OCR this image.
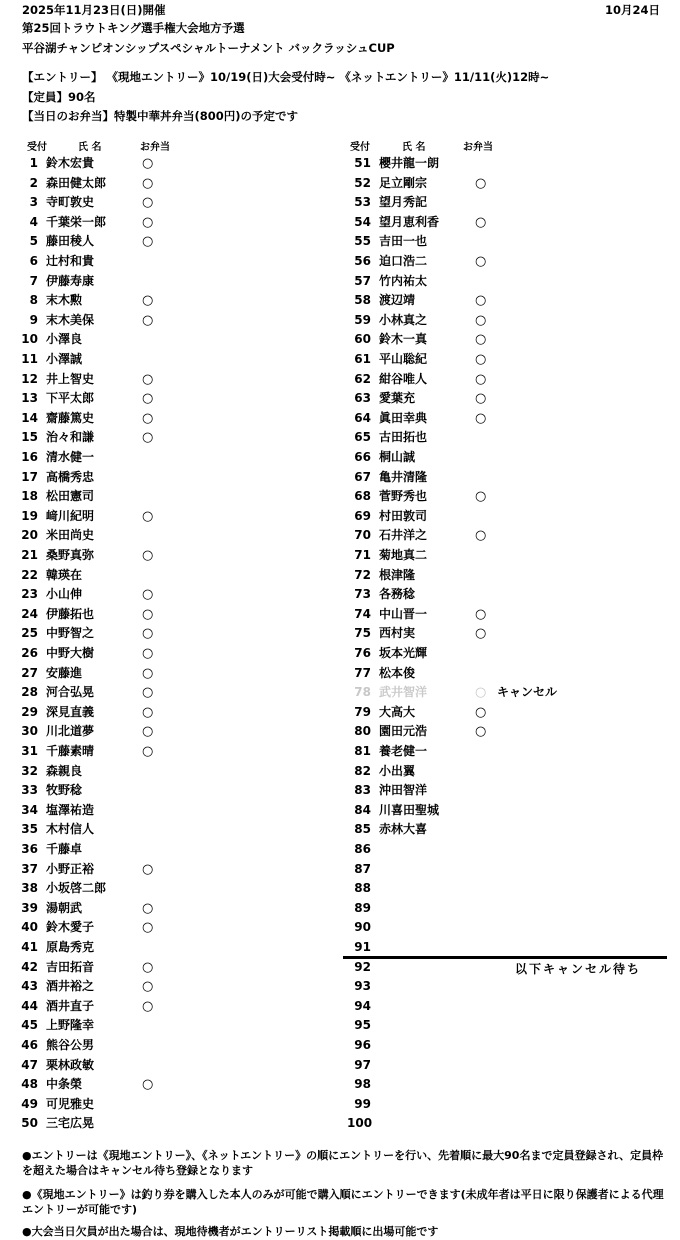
2025年11月23日(日)開催	10月24日
第25回トラウトキング選手権大会地方予選
平谷湖チャンピオンシップスペシャルトーナメント バックラッシュCUP
【エントリー】 《現地エントリー》10/19(日)大会受付時~ 《ネットエントリー》11/11(火)12時~
【定員】90名
【当日のお弁当】特製中華丼弁当(800円)の予定です
受付	氏 名	お弁当	受付	氏 名	お弁当
1 鈴木宏貴	○
2 森田健太郎	○
3 寺町敦史	○
4 千葉栄一郎	○
5 藤田稜人	○
6 辻村和貴
7 伊藤寿康
8 末木勲	○
9 末木美保	○
10 小澤良
11 小澤誠
12 井上智史	○
13 下平太郎	○
14 齋藤篤史	○
15 治々和謙	○
16 清水健一
17 高橋秀忠
18 松田憲司
19 﨑川紀明	○
20 米田尚史
21 桑野真弥	○
22 韓瑛在
23 小山伸	○
24 伊藤拓也	○
25 中野智之	○
26 中野大樹	○
27 安藤進	○
28 河合弘晃	○
29 深見直義	○
30 川北道夢	○
31 千藤素晴	○
32 森親良
33 牧野稔
34 塩澤祐造
35 木村信人
36 千藤卓
37 小野正裕	○
38 小坂啓二郎
39 湯朝武	○
40 鈴木愛子	○
41 原島秀克
42 吉田拓音	○
43 酒井裕之	○
44 酒井直子	○
45 上野隆幸
46 熊谷公男
47 栗林政敏
48 中条榮	○
49 可児雅史
50 三宅広晃
51 櫻井龍一朗
52 足立剛宗	○
53 望月秀記
54 望月恵利香	○
55 吉田一也
56 迫口浩二	○
57 竹内祐太
58 渡辺靖	○
59 小林真之	○
60 鈴木一真	○
61 平山聡紀	○
62 紺谷唯人	○
63 愛葉充	○
64 眞田幸典	○
65 古田拓也
66 桐山誠
67 亀井清隆
68 菅野秀也	○
69 村田敦司
70 石井洋之	○
71 菊地真二
72 根津隆
73 各務稔
74 中山晋一	○
75 西村実	○
76 坂本光輝
77 松本俊
78 武井智洋	○ キャンセル
79 大高大	○
80 園田元浩	○
81 養老健一
82 小出翼
83 沖田智洋
84 川喜田聖城
85 赤林大喜
86
87
88
89
90
91
92
93
94
95
96
97
98
99
100
以下キャンセル待ち
●エントリーは《現地エントリー》、《ネットエントリー》の順にエントリーを行い、先着順に最大90名まで定員登録され、定員枠を超えた場合はキャンセル待ち登録となります
●《現地エントリー》は釣り券を購入した本人のみが可能で購入順にエントリーできます(未成年者は平日に限り保護者による代理エントリーが可能です)
●大会当日欠員が出た場合は、現地待機者がエントリーリスト掲載順に出場可能です
